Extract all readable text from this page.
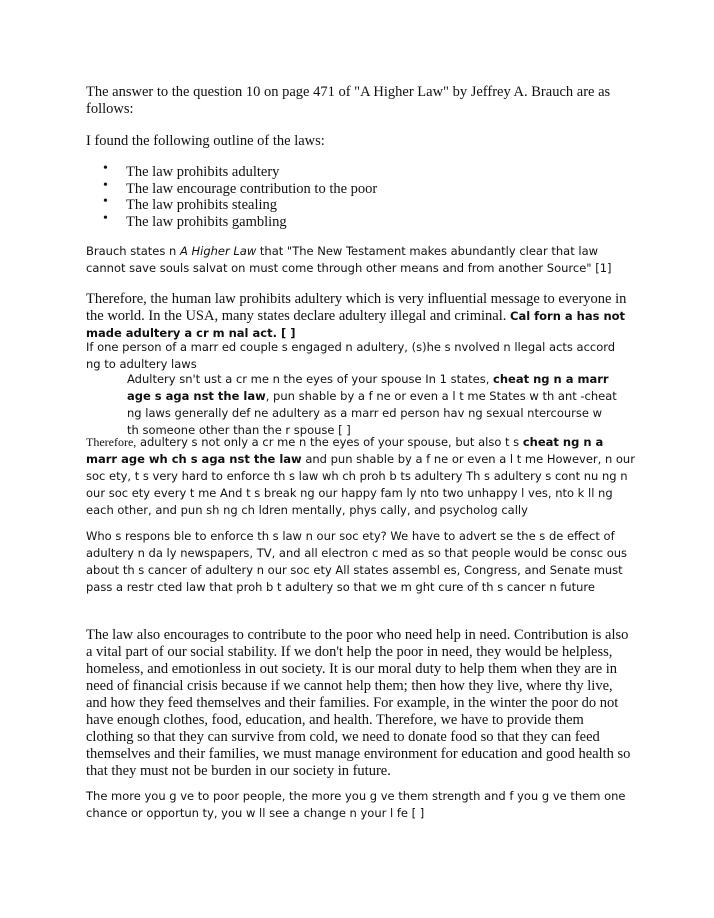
The answer to the question 10 on page 471 of "A Higher Law" by Jeffrey A. Brauch are as follows:

I found the following outline of the laws:

• The law prohibits adultery
• The law encourage contribution to the poor
• The law prohibits stealing
• The law prohibits gambling

Brauch states n A Higher Law that "The New Testament makes abundantly clear that law cannot save souls salvat on must come through other means and from another Source" [1]

Therefore, the human law prohibits adultery which is very influential message to everyone in the world. In the USA, many states declare adultery illegal and criminal. Cal forn a has not made adultery a cr m nal act. [ ]

If one person of a marr ed couple s engaged n adultery, (s)he s nvolved n llegal acts accord ng to adultery laws

Adultery sn't ust a cr me n the eyes of your spouse In 1 states, cheat ng n a marr age s aga nst the law, pun shable by a f ne or even a l t me States w th ant -cheat ng laws generally def ne adultery as a marr ed person hav ng sexual ntercourse w th someone other than the r spouse [ ]

Therefore, adultery s not only a cr me n the eyes of your spouse, but also t s cheat ng n a marr age wh ch s aga nst the law and pun shable by a f ne or even a l t me However, n our soc ety, t s very hard to enforce th s law wh ch proh b ts adultery Th s adultery s cont nu ng n our soc ety every t me And t s break ng our happy fam ly nto two unhappy l ves, nto k ll ng each other, and pun sh ng ch ldren mentally, phys cally, and psycholog cally

Who s respons ble to enforce th s law n our soc ety? We have to advert se the s de effect of adultery n da ly newspapers, TV, and all electron c med as so that people would be consc ous about th s cancer of adultery n our soc ety All states assembl es, Congress, and Senate must pass a restr cted law that proh b t adultery so that we m ght cure of th s cancer n future

The law also encourages to contribute to the poor who need help in need. Contribution is also a vital part of our social stability. If we don't help the poor in need, they would be helpless, homeless, and emotionless in out society. It is our moral duty to help them when they are in need of financial crisis because if we cannot help them; then how they live, where thy live, and how they feed themselves and their families. For example, in the winter the poor do not have enough clothes, food, education, and health. Therefore, we have to provide them clothing so that they can survive from cold, we need to donate food so that they can feed themselves and their families, we must manage environment for education and good health so that they must not be burden in our society in future.

The more you g ve to poor people, the more you g ve them strength and f you g ve them one chance or opportun ty, you w ll see a change n your l fe [ ]
